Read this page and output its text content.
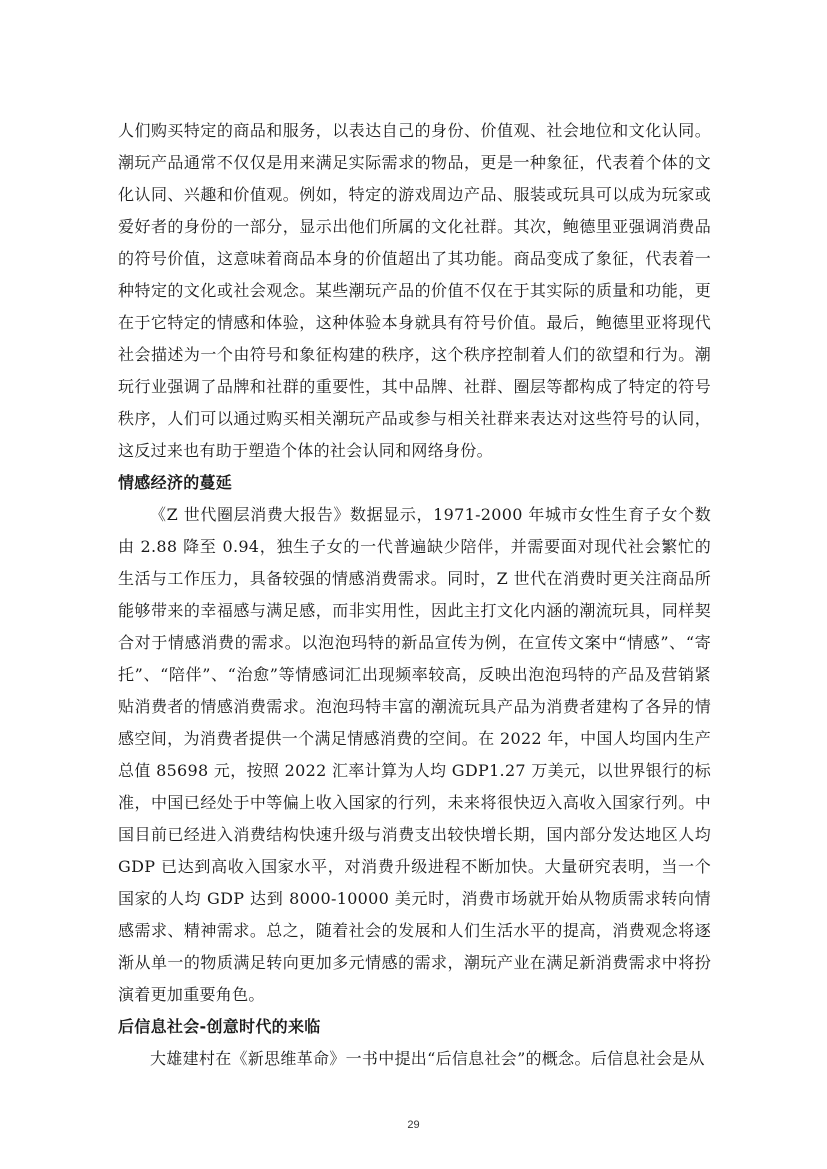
人们购买特定的商品和服务，以表达自己的身份、价值观、社会地位和文化认同。潮玩产品通常不仅仅是用来满足实际需求的物品，更是一种象征，代表着个体的文化认同、兴趣和价值观。例如，特定的游戏周边产品、服装或玩具可以成为玩家或爱好者的身份的一部分，显示出他们所属的文化社群。其次，鲍德里亚强调消费品的符号价值，这意味着商品本身的价值超出了其功能。商品变成了象征，代表着一种特定的文化或社会观念。某些潮玩产品的价值不仅在于其实际的质量和功能，更在于它特定的情感和体验，这种体验本身就具有符号价值。最后，鲍德里亚将现代社会描述为一个由符号和象征构建的秩序，这个秩序控制着人们的欲望和行为。潮玩行业强调了品牌和社群的重要性，其中品牌、社群、圈层等都构成了特定的符号秩序，人们可以通过购买相关潮玩产品或参与相关社群来表达对这些符号的认同，这反过来也有助于塑造个体的社会认同和网络身份。

情感经济的蔓延

《Z 世代圈层消费大报告》数据显示，1971-2000 年城市女性生育子女个数由 2.88 降至 0.94，独生子女的一代普遍缺少陪伴，并需要面对现代社会繁忙的生活与工作压力，具备较强的情感消费需求。同时，Z 世代在消费时更关注商品所能够带来的幸福感与满足感，而非实用性，因此主打文化内涵的潮流玩具，同样契合对于情感消费的需求。以泡泡玛特的新品宣传为例，在宣传文案中“情感”、“寄托”、“陪伴”、“治愈”等情感词汇出现频率较高，反映出泡泡玛特的产品及营销紧贴消费者的情感消费需求。泡泡玛特丰富的潮流玩具产品为消费者建构了各异的情感空间，为消费者提供一个满足情感消费的空间。在 2022 年，中国人均国内生产总值 85698 元，按照 2022 汇率计算为人均 GDP1.27 万美元，以世界银行的标准，中国已经处于中等偏上收入国家的行列，未来将很快迈入高收入国家行列。中国目前已经进入消费结构快速升级与消费支出较快增长期，国内部分发达地区人均 GDP 已达到高收入国家水平，对消费升级进程不断加快。大量研究表明，当一个国家的人均 GDP 达到 8000-10000 美元时，消费市场就开始从物质需求转向情感需求、精神需求。总之，随着社会的发展和人们生活水平的提高，消费观念将逐渐从单一的物质满足转向更加多元情感的需求，潮玩产业在满足新消费需求中将扮演着更加重要角色。

后信息社会-创意时代的来临

大雄建村在《新思维革命》一书中提出“后信息社会”的概念。后信息社会是从

29
